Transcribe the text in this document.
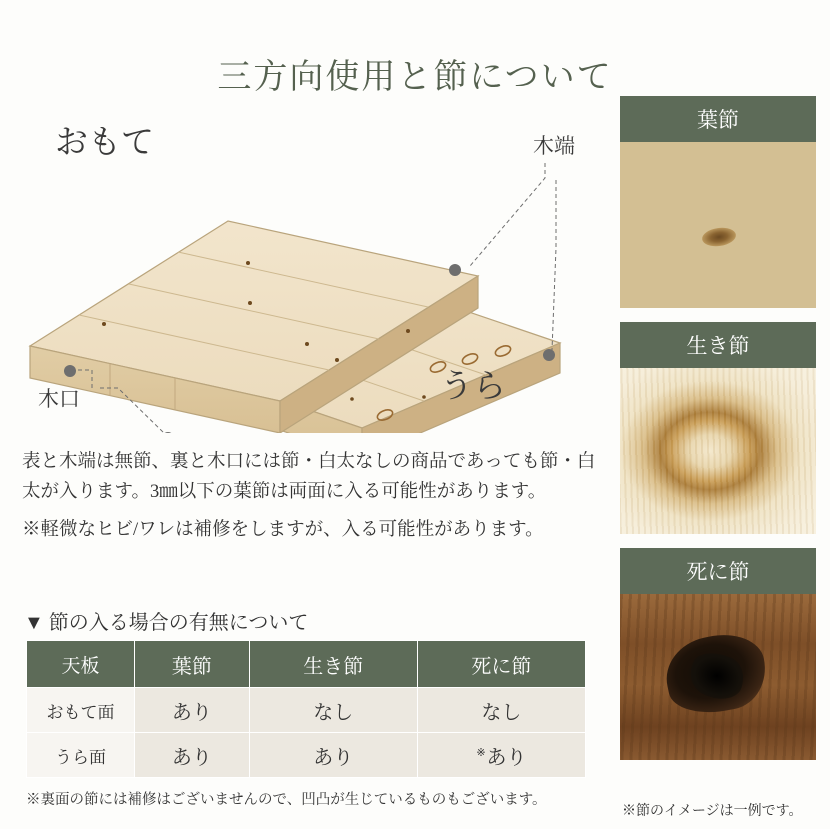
三方向使用と節について
おもて
うら
木端
木口

表と木端は無節、裏と木口には節・白太なしの商品であっても節・白太が入ります。3㎜以下の葉節は両面に入る可能性があります。

※軽微なヒビ/ワレは補修をしますが、入る可能性があります。

▼ 節の入る場合の有無について
天板	葉節	生き節	死に節
おもて面	あり	なし	なし
うら面	あり	あり	※あり
※裏面の節には補修はございませんので、凹凸が生じているものもございます。
葉節
生き節
死に節
※節のイメージは一例です。
